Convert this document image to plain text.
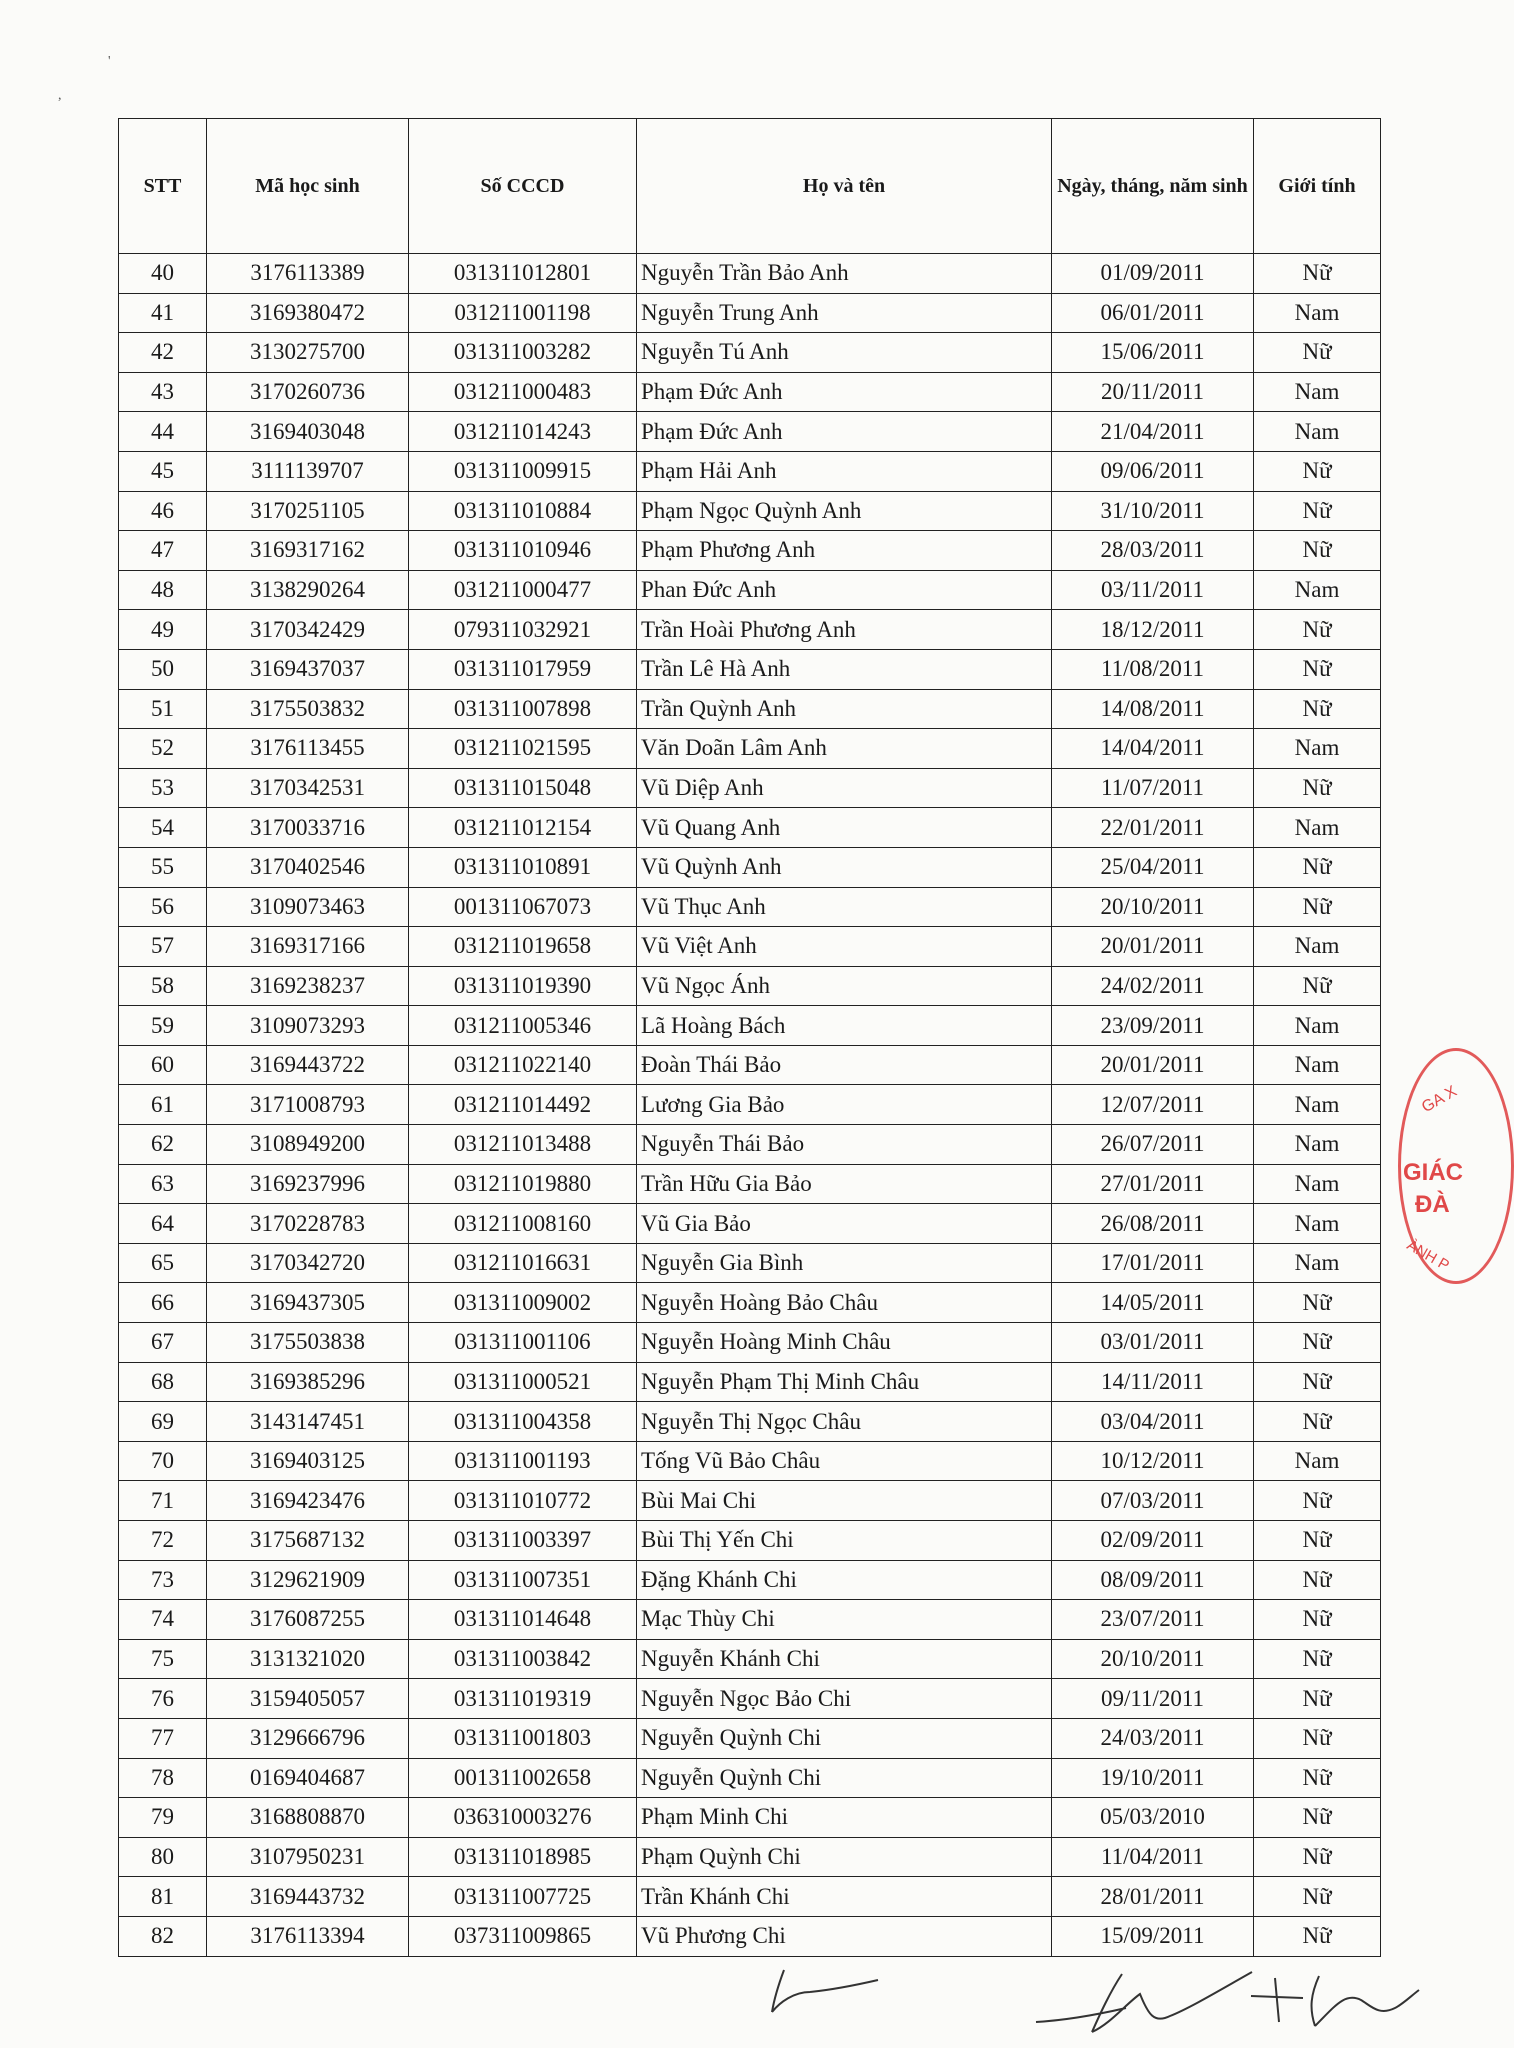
'
,
STT	Mã học sinh	Số CCCD	Họ và tên	Ngày, tháng, năm sinh	Giới tính
40	3176113389	031311012801	Nguyễn Trần Bảo Anh	01/09/2011	Nữ
41	3169380472	031211001198	Nguyễn Trung Anh	06/01/2011	Nam
42	3130275700	031311003282	Nguyễn Tú Anh	15/06/2011	Nữ
43	3170260736	031211000483	Phạm Đức Anh	20/11/2011	Nam
44	3169403048	031211014243	Phạm Đức Anh	21/04/2011	Nam
45	3111139707	031311009915	Phạm Hải Anh	09/06/2011	Nữ
46	3170251105	031311010884	Phạm Ngọc Quỳnh Anh	31/10/2011	Nữ
47	3169317162	031311010946	Phạm Phương Anh	28/03/2011	Nữ
48	3138290264	031211000477	Phan Đức Anh	03/11/2011	Nam
49	3170342429	079311032921	Trần Hoài Phương Anh	18/12/2011	Nữ
50	3169437037	031311017959	Trần Lê Hà Anh	11/08/2011	Nữ
51	3175503832	031311007898	Trần Quỳnh Anh	14/08/2011	Nữ
52	3176113455	031211021595	Văn Doãn Lâm Anh	14/04/2011	Nam
53	3170342531	031311015048	Vũ Diệp Anh	11/07/2011	Nữ
54	3170033716	031211012154	Vũ Quang Anh	22/01/2011	Nam
55	3170402546	031311010891	Vũ Quỳnh Anh	25/04/2011	Nữ
56	3109073463	001311067073	Vũ Thục Anh	20/10/2011	Nữ
57	3169317166	031211019658	Vũ Việt Anh	20/01/2011	Nam
58	3169238237	031311019390	Vũ Ngọc Ánh	24/02/2011	Nữ
59	3109073293	031211005346	Lã Hoàng Bách	23/09/2011	Nam
60	3169443722	031211022140	Đoàn Thái Bảo	20/01/2011	Nam
61	3171008793	031211014492	Lương Gia Bảo	12/07/2011	Nam
62	3108949200	031211013488	Nguyễn Thái Bảo	26/07/2011	Nam
63	3169237996	031211019880	Trần Hữu Gia Bảo	27/01/2011	Nam
64	3170228783	031211008160	Vũ Gia Bảo	26/08/2011	Nam
65	3170342720	031211016631	Nguyễn Gia Bình	17/01/2011	Nam
66	3169437305	031311009002	Nguyễn Hoàng Bảo Châu	14/05/2011	Nữ
67	3175503838	031311001106	Nguyễn Hoàng Minh Châu	03/01/2011	Nữ
68	3169385296	031311000521	Nguyễn Phạm Thị Minh Châu	14/11/2011	Nữ
69	3143147451	031311004358	Nguyễn Thị Ngọc Châu	03/04/2011	Nữ
70	3169403125	031311001193	Tống Vũ Bảo Châu	10/12/2011	Nam
71	3169423476	031311010772	Bùi Mai Chi	07/03/2011	Nữ
72	3175687132	031311003397	Bùi Thị Yến Chi	02/09/2011	Nữ
73	3129621909	031311007351	Đặng Khánh Chi	08/09/2011	Nữ
74	3176087255	031311014648	Mạc Thùy Chi	23/07/2011	Nữ
75	3131321020	031311003842	Nguyễn Khánh Chi	20/10/2011	Nữ
76	3159405057	031311019319	Nguyễn Ngọc Bảo Chi	09/11/2011	Nữ
77	3129666796	031311001803	Nguyễn Quỳnh Chi	24/03/2011	Nữ
78	0169404687	001311002658	Nguyễn Quỳnh Chi	19/10/2011	Nữ
79	3168808870	036310003276	Phạm Minh Chi	05/03/2010	Nữ
80	3107950231	031311018985	Phạm Quỳnh Chi	11/04/2011	Nữ
81	3169443732	031311007725	Trần Khánh Chi	28/01/2011	Nữ
82	3176113394	037311009865	Vũ Phương Chi	15/09/2011	Nữ
GA X
GIÁC
ĐÀ
ÀNH P
